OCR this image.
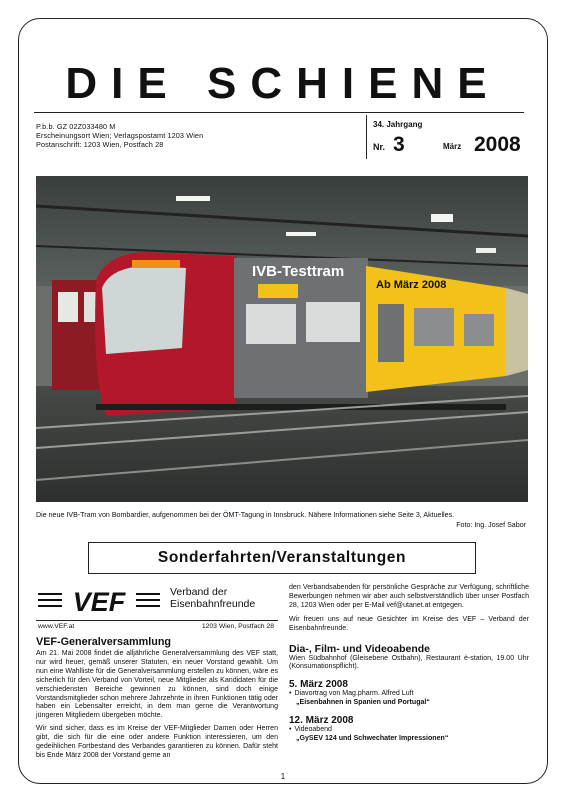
DIE SCHIENE
P.b.b. GZ 02Z033480 M
Erscheinungsort Wien; Verlagspostamt 1203 Wien
Postanschrift: 1203 Wien, Postfach 28
34. Jahrgang
Nr. 3	März 2008
IVB-Testtram
Ab März 2008
Die neue IVB-Tram von Bombardier, aufgenommen bei der ÖMT-Tagung in Innsbruck. Nähere Informationen siehe Seite 3, Aktuelles.
Foto: Ing. Josef Sabor
Sonderfahrten/Veranstaltungen
VEF	Verband der
Eisenbahnfreunde
www.VEF.at	1203 Wien, Postfach 28
VEF-Generalversammlung
Am 21. Mai 2008 findet die alljährliche Generalversammlung des VEF statt, nur wird heuer, gemäß unserer Statuten, ein neuer Vorstand gewählt. Um nun eine Wahlliste für die Generalversammlung erstellen zu können, wäre es sicherlich für den Verband von Vorteil, neue Mitglieder als Kandidaten für die verschiedensten Bereiche gewinnen zu können, sind doch einige Vorstandsmitglieder schon mehrere Jahrzehnte in ihren Funktionen tätig oder haben ein Lebensalter erreicht, in dem man gerne die Verantwortung jüngeren Mitgliedern übergeben möchte.
Wir sind sicher, dass es im Kreise der VEF-Mitglieder Damen oder Herren gibt, die sich für die eine oder andere Funktion interessieren, um den gedeihlichen Fortbestand des Verbandes garantieren zu können. Dafür steht bis Ende März 2008 der Vorstand gerne an
den Verbandsabenden für persönliche Gespräche zur Verfügung, schriftliche Bewerbungen nehmen wir aber auch selbstverständlich über unser Postfach 28, 1203 Wien oder per E-Mail vef@utanet.at entgegen.
Wir freuen uns auf neue Gesichter im Kreise des VEF – Verband der Eisenbahnfreunde.
Dia-, Film- und Videoabende
Wien Südbahnhof (Gleisebene Ostbahn), Restaurant è-station, 19.00 Uhr (Konsumationspflicht).
5. März 2008
• Diavortrag von Mag.pharm. Alfred Luft
„Eisenbahnen in Spanien und Portugal“
12. März 2008
• Videoabend
„GySEV 124 und Schwechater Impressionen“
1
